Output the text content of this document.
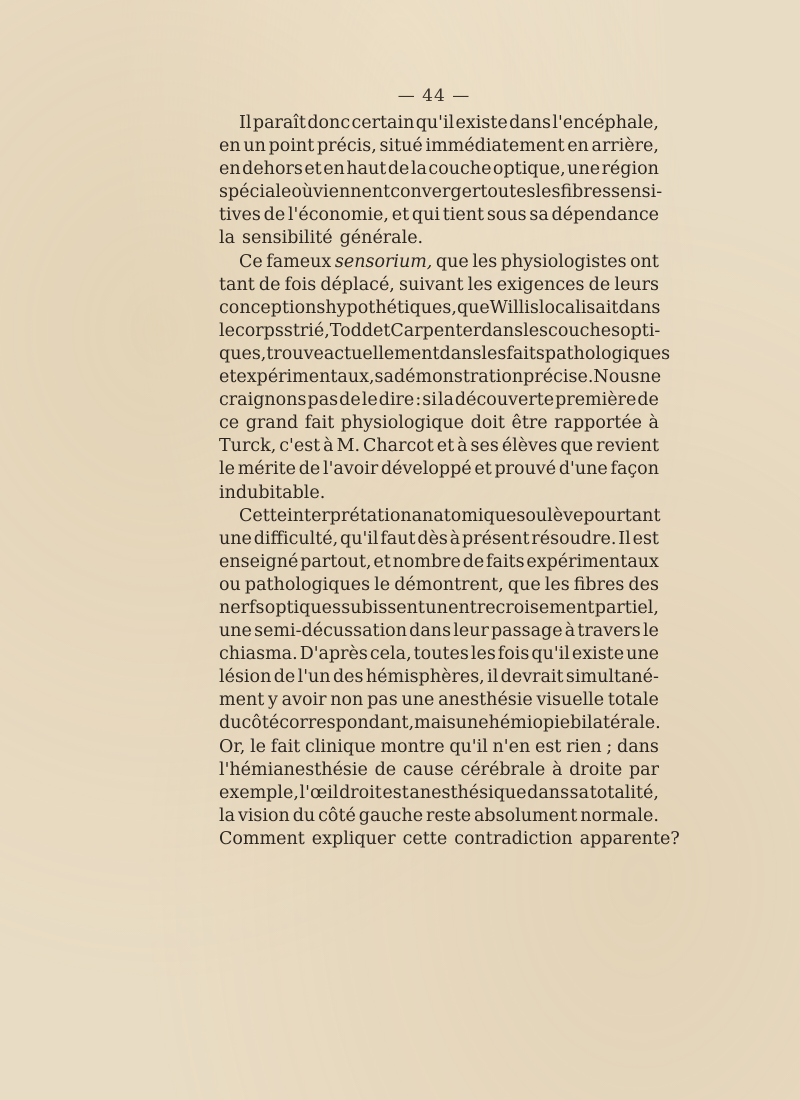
— 44 —
Il paraît donc certain qu'il existe dans l'encéphale,
en un point précis, situé immédiatement en arrière,
en dehors et en haut de la couche optique, une région
spéciale où viennent converger toutesles fibres sensi-
tives de l'économie, et qui tient sous sa dépendance
la sensibilité générale.
Ce fameux sensorium, que les physiologistes ont
tant de fois déplacé, suivant les exigences de leurs
conceptions hypothétiques, que Willis localisait dans
le corps strié, Todd et Carpenter dans les couches opti-
ques, trouve actuellement dans les faits pathologiques
et expérimentaux, sa démonstration précise. Nous ne
craignons pas de le dire : si la découverte première de
ce grand fait physiologique doit être rapportée à
Turck, c'est à M. Charcot et à ses élèves que revient
le mérite de l'avoir développé et prouvé d'une façon
indubitable.
Cette interprétation anatomique soulève pourtant
une difficulté, qu'il faut dès à présent résoudre. Il est
enseigné partout, et nombre de faits expérimentaux
ou pathologiques le démontrent, que les fibres des
nerfs optiques subissent un entrecroisement partiel,
une semi-décussation dans leur passage à travers le
chiasma. D'après cela, toutes les fois qu'il existe une
lésion de l'un des hémisphères, il devrait simultané-
ment y avoir non pas une anesthésie visuelle totale
du côté correspondant, mais une hémiopie bilatérale.
Or, le fait clinique montre qu'il n'en est rien ; dans
l'hémianesthésie de cause cérébrale à droite par
exemple, l'œil droit est anesthésique dans sa totalité,
la vision du côté gauche reste absolument normale.
Comment expliquer cette contradiction apparente?
